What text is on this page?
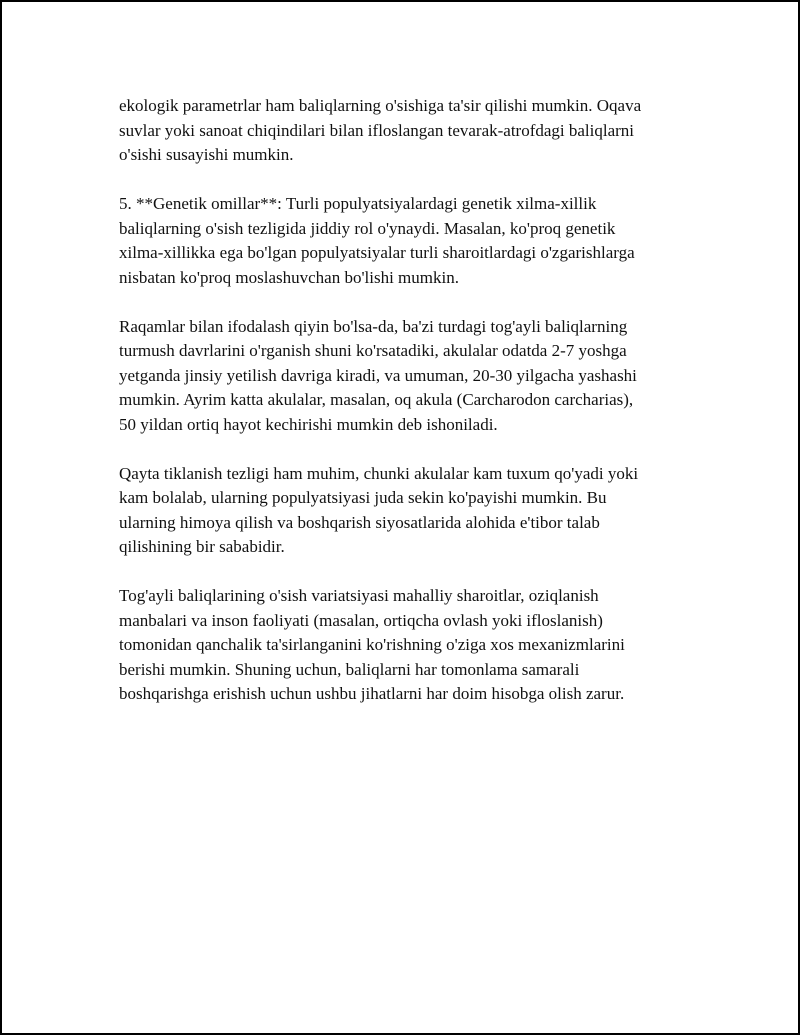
ekologik parametrlar ham baliqlarning o'sishiga ta'sir qilishi mumkin. Oqava
suvlar yoki sanoat chiqindilari bilan ifloslangan tevarak-atrofdagi baliqlarni
o'sishi susayishi mumkin.

5. **Genetik omillar**: Turli populyatsiyalardagi genetik xilma-xillik
baliqlarning o'sish tezligida jiddiy rol o'ynaydi. Masalan, ko'proq genetik
xilma-xillikka ega bo'lgan populyatsiyalar turli sharoitlardagi o'zgarishlarga
nisbatan ko'proq moslashuvchan bo'lishi mumkin.

Raqamlar bilan ifodalash qiyin bo'lsa-da, ba'zi turdagi tog'ayli baliqlarning
turmush davrlarini o'rganish shuni ko'rsatadiki, akulalar odatda 2-7 yoshga
yetganda jinsiy yetilish davriga kiradi, va umuman, 20-30 yilgacha yashashi
mumkin. Ayrim katta akulalar, masalan, oq akula (Carcharodon carcharias),
50 yildan ortiq hayot kechirishi mumkin deb ishoniladi.

Qayta tiklanish tezligi ham muhim, chunki akulalar kam tuxum qo'yadi yoki
kam bolalab, ularning populyatsiyasi juda sekin ko'payishi mumkin. Bu
ularning himoya qilish va boshqarish siyosatlarida alohida e'tibor talab
qilishining bir sababidir.

Tog'ayli baliqlarining o'sish variatsiyasi mahalliy sharoitlar, oziqlanish
manbalari va inson faoliyati (masalan, ortiqcha ovlash yoki ifloslanish)
tomonidan qanchalik ta'sirlanganini ko'rishning o'ziga xos mexanizmlarini
berishi mumkin. Shuning uchun, baliqlarni har tomonlama samarali
boshqarishga erishish uchun ushbu jihatlarni har doim hisobga olish zarur.
